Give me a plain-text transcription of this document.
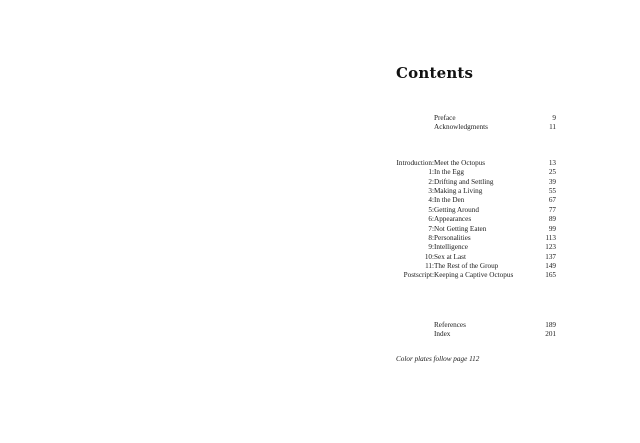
Contents
	Preface	9
	Acknowledgments	11

Introduction:	Meet the Octopus	13
1:	In the Egg	25
2:	Drifting and Settling	39
3:	Making a Living	55
4:	In the Den	67
5:	Getting Around	77
6:	Appearances	89
7:	Not Getting Eaten	99
8:	Personalities	113
9:	Intelligence	123
10:	Sex at Last	137
11:	The Rest of the Group	149
Postscript:	Keeping a Captive Octopus	165

	References	189
	Index	201
Color plates follow page 112
